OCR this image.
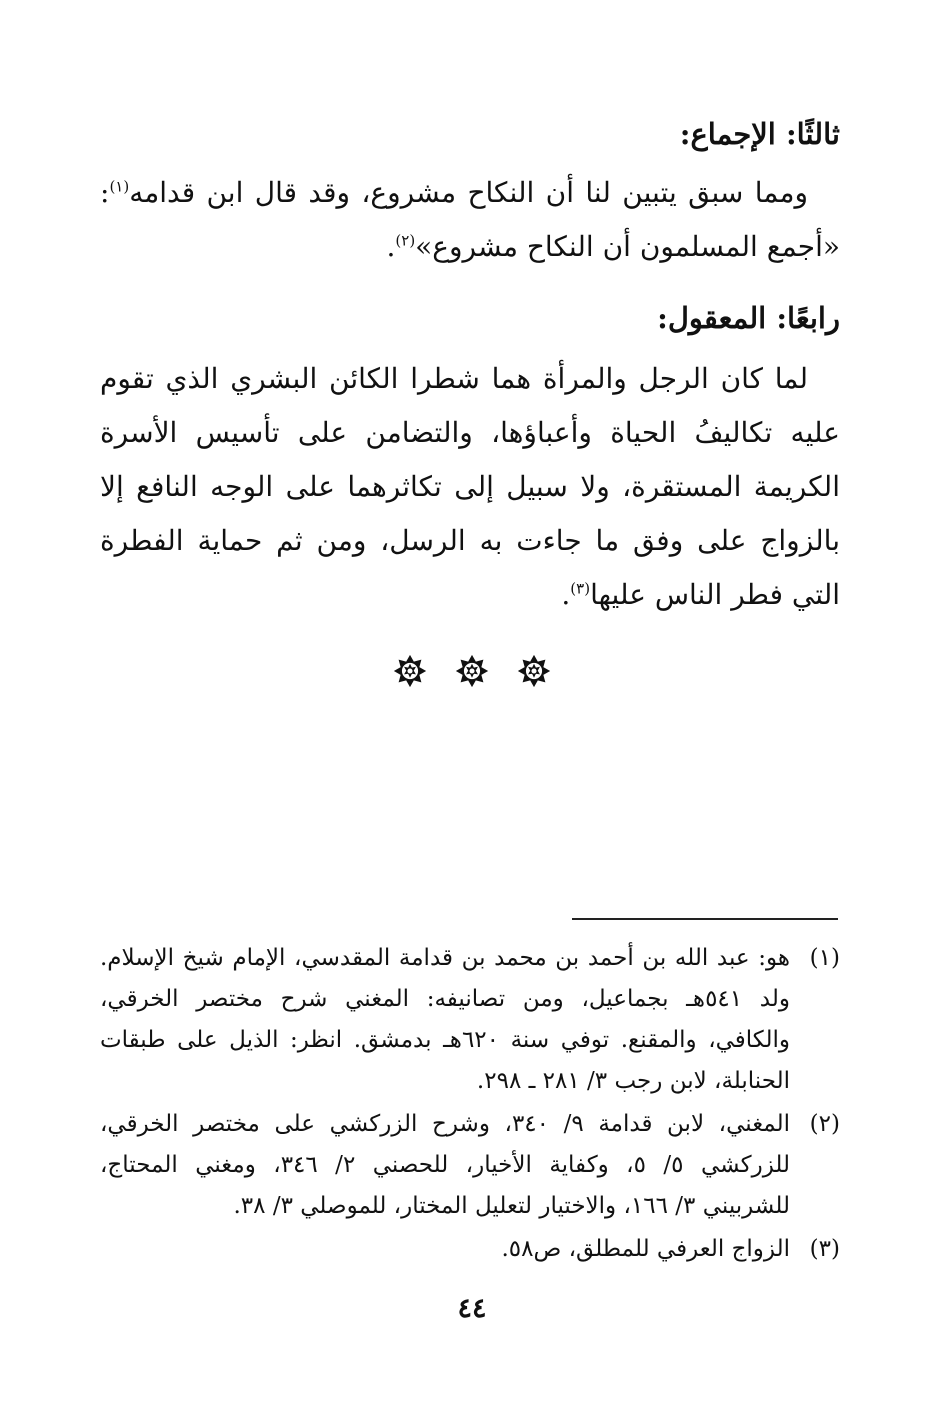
ثالثًا: الإجماع:

ومما سبق يتبين لنا أن النكاح مشروع، وقد قال ابن قدامه$^{(١)}$: «أجمع المسلمون أن النكاح مشروع»$^{(٢)}$.

رابعًا: المعقول:

لما كان الرجل والمرأة هما شطرا الكائن البشري الذي تقوم عليه تكاليفُ الحياة وأعباؤها، والتضامن على تأسيس الأسرة الكريمة المستقرة، ولا سبيل إلى تكاثرهما على الوجه النافع إلا بالزواج على وفق ما جاءت به الرسل، ومن ثم حماية الفطرة التي فطر الناس عليها$^{(٣)}$.

(١)هو: عبد الله بن أحمد بن محمد بن قدامة المقدسي، الإمام شيخ الإسلام. ولد ٥٤١هـ بجماعيل، ومن تصانيفه: المغني شرح مختصر الخرقي، والكافي، والمقنع. توفي سنة ٦٢٠هـ بدمشق. انظر: الذيل على طبقات الحنابلة، لابن رجب ٣/ ٢٨١ ـ ٢٩٨.

(٢)المغني، لابن قدامة ٩/ ٣٤٠، وشرح الزركشي على مختصر الخرقي، للزركشي ٥/ ٥، وكفاية الأخيار، للحصني ٢/ ٣٤٦، ومغني المحتاج، للشربيني ٣/ ١٦٦، والاختيار لتعليل المختار، للموصلي ٣/ ٣٨.

(٣)الزواج العرفي للمطلق، ص٥٨.

٤٤
